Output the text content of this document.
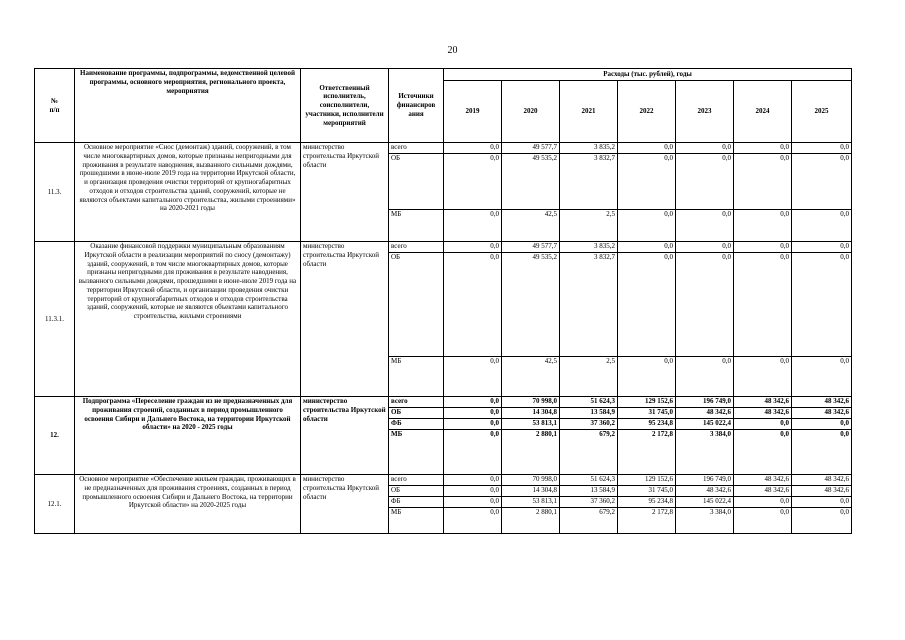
20
№
п/п	Наименование программы, подпрограммы, ведомственной целевой программы, основного мероприятия, регионального проекта, мероприятия	Ответственный исполнитель, соисполнители, участники, исполнители мероприятий	Источники финансиров ания	Расходы (тыс. рублей), годы						
				2019	2020	2021	2022	2023	2024	2025
11.3.	Основное мероприятие «Снос (демонтаж) зданий, сооружений, в том числе многоквартирных домов, которые признаны непригодными для проживания в результате наводнения, вызванного сильными дождями, прошедшими в июне-июле 2019 года на территории Иркутской области, и организация проведения очистки территорий от крупногабаритных отходов и отходов строительства зданий, сооружений, которые не являются объектами капитального строительства, жилыми строениями» на 2020-2021 годы	министерство строительства Иркутской области	всего	0,0	49 577,7	3 835,2	0,0	0,0	0,0	0,0
			ОБ	0,0	49 535,2	3 832,7	0,0	0,0	0,0	0,0
			МБ	0,0	42,5	2,5	0,0	0,0	0,0	0,0
11.3.1.	Оказание финансовой поддержки муниципальным образованиям Иркутской области в реализации мероприятий по сносу (демонтажу) зданий, сооружений, в том числе многоквартирных домов, которые признаны непригодными для проживания в результате наводнения, вызванного сильными дождями, прошедшими в июне-июле 2019 года на территории Иркутской области, и организации проведения очистки территорий от крупногабаритных отходов и отходов строительства зданий, сооружений, которые не являются объектами капитального строительства, жилыми строениями	министерство строительства Иркутской области	всего	0,0	49 577,7	3 835,2	0,0	0,0	0,0	0,0
			ОБ	0,0	49 535,2	3 832,7	0,0	0,0	0,0	0,0
			МБ	0,0	42,5	2,5	0,0	0,0	0,0	0,0
12.	Подпрограмма «Переселение граждан из не предназначенных для проживания строений, созданных в период промышленного освоения Сибири и Дальнего Востока, на территории Иркутской области» на 2020 - 2025 годы	министерство строительства Иркутской области	всего	0,0	70 998,0	51 624,3	129 152,6	196 749,0	48 342,6	48 342,6
			ОБ	0,0	14 304,8	13 584,9	31 745,0	48 342,6	48 342,6	48 342,6
			ФБ	0,0	53 813,1	37 360,2	95 234,8	145 022,4	0,0	0,0
			МБ	0,0	2 880,1	679,2	2 172,8	3 384,0	0,0	0,0
12.1.	Основное мероприятие «Обеспечение жильем граждан, проживающих в не предназначенных для проживания строениях, созданных в период промышленного освоения Сибири и Дальнего Востока, на территории Иркутской области» на 2020-2025 годы	министерство строительства Иркутской области	всего	0,0	70 998,0	51 624,3	129 152,6	196 749,0	48 342,6	48 342,6
			ОБ	0,0	14 304,8	13 584,9	31 745,0	48 342,6	48 342,6	48 342,6
			ФБ	0,0	53 813,1	37 360,2	95 234,8	145 022,4	0,0	0,0
			МБ	0,0	2 880,1	679,2	2 172,8	3 384,0	0,0	0,0
